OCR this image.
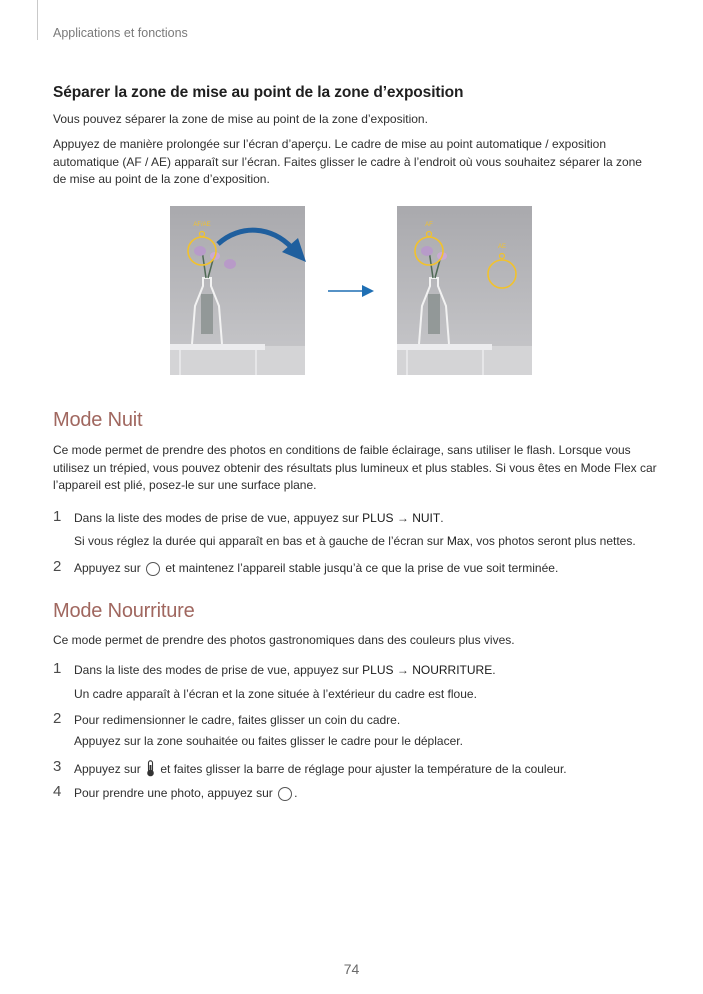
Applications et fonctions
Séparer la zone de mise au point de la zone d’exposition

Vous pouvez séparer la zone de mise au point de la zone d’exposition.

Appuyez de manière prolongée sur l’écran d’aperçu. Le cadre de mise au point automatique / exposition automatique (AF / AE) apparaît sur l’écran. Faites glisser le cadre à l’endroit où vous souhaitez séparer la zone de mise au point de la zone d’exposition.

AF/AE	AF
AE
Mode Nuit

Ce mode permet de prendre des photos en conditions de faible éclairage, sans utiliser le flash. Lorsque vous utilisez un trépied, vous pouvez obtenir des résultats plus lumineux et plus stables. Si vous êtes en Mode Flex car l’appareil est plié, posez-le sur une surface plane.

1 Dans la liste des modes de prise de vue, appuyez sur PLUS → NUIT.
Si vous réglez la durée qui apparaît en bas et à gauche de l’écran sur Max, vos photos seront plus nettes.
2 Appuyez sur  et maintenez l’appareil stable jusqu’à ce que la prise de vue soit terminée.
Mode Nourriture

Ce mode permet de prendre des photos gastronomiques dans des couleurs plus vives.

1 Dans la liste des modes de prise de vue, appuyez sur PLUS → NOURRITURE.
Un cadre apparaît à l’écran et la zone située à l’extérieur du cadre est floue.
2 Pour redimensionner le cadre, faites glisser un coin du cadre.
Appuyez sur la zone souhaitée ou faites glisser le cadre pour le déplacer.
3 Appuyez sur  et faites glisser la barre de réglage pour ajuster la température de la couleur.
4 Pour prendre une photo, appuyez sur .
74
